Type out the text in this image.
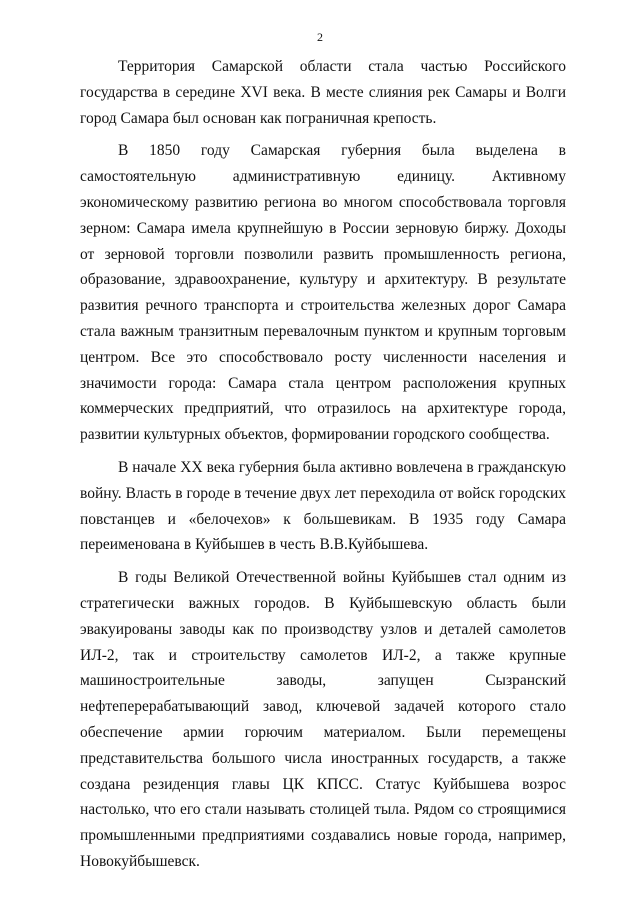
2

Территория Самарской области стала частью Российского государства в середине XVI века. В месте слияния рек Самары и Волги город Самара был основан как пограничная крепость.

В 1850 году Самарская губерния была выделена в самостоятельную административную единицу. Активному экономическому развитию региона во многом способствовала торговля зерном: Самара имела крупнейшую в России зерновую биржу. Доходы от зерновой торговли позволили развить промышленность региона, образование, здравоохранение, культуру и архитектуру. В результате развития речного транспорта и строительства железных дорог Самара стала важным транзитным перевалочным пунктом и крупным торговым центром. Все это способствовало росту численности населения и значимости города: Самара стала центром расположения крупных коммерческих предприятий, что отразилось на архитектуре города, развитии культурных объектов, формировании городского сообщества.

В начале XX века губерния была активно вовлечена в гражданскую войну. Власть в городе в течение двух лет переходила от войск городских повстанцев и «белочехов» к большевикам. В 1935 году Самара переименована в Куйбышев в честь В.В.Куйбышева.

В годы Великой Отечественной войны Куйбышев стал одним из стратегически важных городов. В Куйбышевскую область были эвакуированы заводы как по производству узлов и деталей самолетов ИЛ-2, так и строительству самолетов ИЛ-2, а также крупные машиностроительные заводы, запущен Сызранский нефтеперерабатывающий завод, ключевой задачей которого стало обеспечение армии горючим материалом. Были перемещены представительства большого числа иностранных государств, а также создана резиденция главы ЦК КПСС. Статус Куйбышева возрос настолько, что его стали называть столицей тыла. Рядом со строящимися промышленными предприятиями создавались новые города, например, Новокуйбышевск.
